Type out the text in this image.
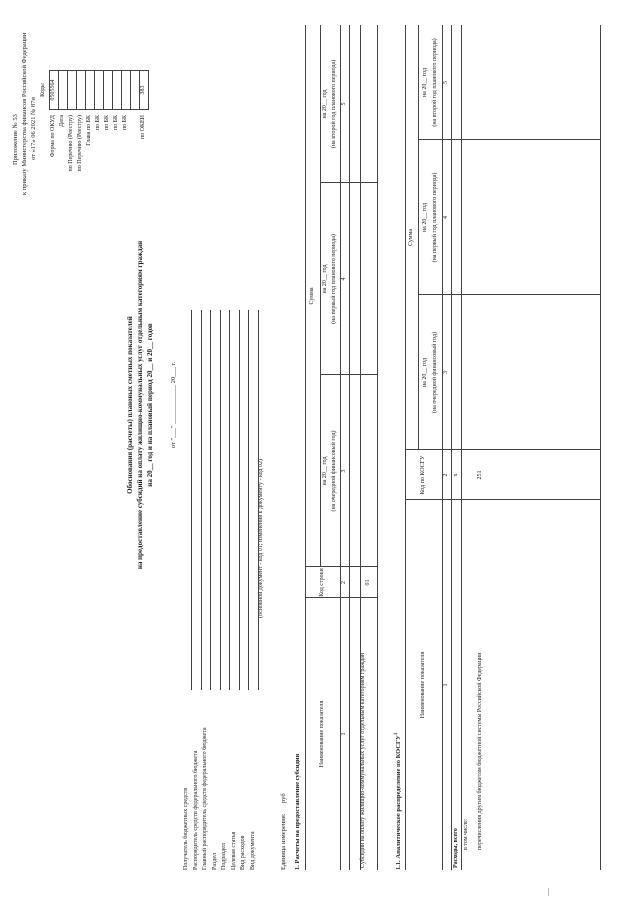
Приложение № 53 к приказу Министерства финансов Российской Федерации от «17» 06 2021 № 87н
Обоснования (расчеты) плановых сметных показателей на предоставление субсидий на оплату жилищно-коммунальных услуг отдельным категориям граждан на 20__ год и на плановый период 20__ и 20__ годов от "___" ____________ 20___ г.
(основной документ - код 01; изменения к документу - код 02)
Единица измерения:
руб 1. Расчеты на предоставление субсидии	1.1. Аналитическое распределение по КОСГУ$^1$
Коды 0505564
Форма по ОКУД Дата по Перечню (Реестру) по Перечню (Реестру) Глава по БК по БК по БК по БК по БК
383
по ОКЕИ
Получатель бюджетных средств Распорядитель средств федерального бюджета Главный распорядитель средств федерального бюджета Раздел Подраздел Целевая статья Вид расходов Вид документа
Наименование показателя
Код строки
Сумма
на 20__ год (на очередной финансовый год)
на 20__ год (на первый год планового периода)
на 20__ год (на второй год планового периода)
1
2
3
4
5
Субсидии на оплату жилищно-коммунальных услуг отдельным категориям граждан
01
Наименование показателя
Код по КОСГУ
Сумма
на 20__ год (на очередной финансовый год)
на 20__ год (на первый год планового периода)
на 20__ год (на второй год планового периода)
1
2
3
4
5
Расходы, всего
x
в том числе:	перечисления другим бюджетам бюджетной системы Российской Федерации
251
